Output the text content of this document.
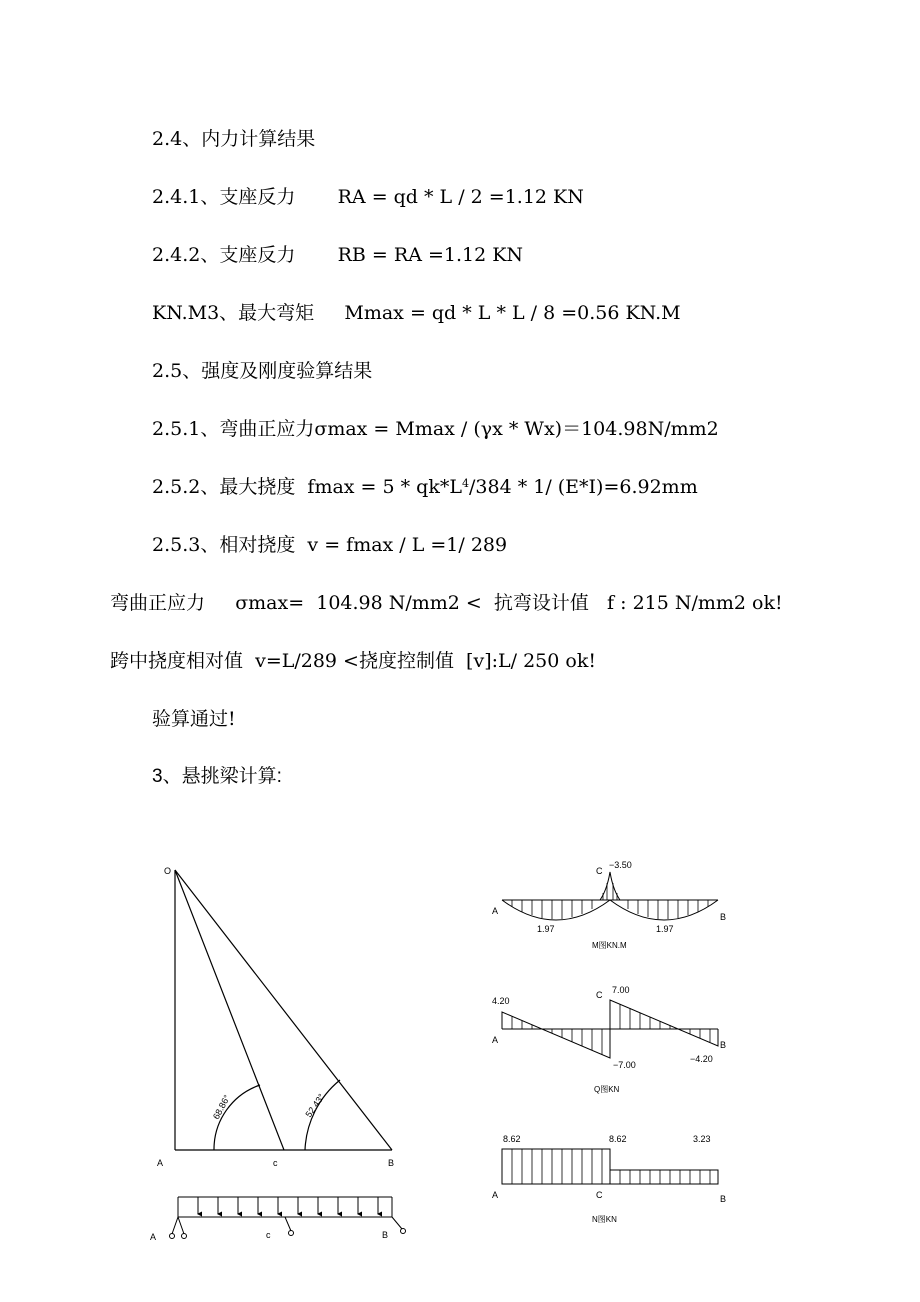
2.4、内力计算结果
2.4.1、支座反力       RA = qd * L / 2 =1.12 KN
2.4.2、支座反力       RB = RA =1.12 KN
KN.M3、最大弯矩     Mmax = qd * L * L / 8 =0.56 KN.M
2.5、强度及刚度验算结果
2.5.1、弯曲正应力σmax = Mmax / (γx * Wx)＝104.98N/mm2
2.5.2、最大挠度  $fmax = 5 * qk*L^4/384 * 1/$ (E*I)=6.92mm
2.5.3、相对挠度  v = fmax / L =1/ 289
弯曲正应力     σmax=  104.98 N/mm2 <  抗弯设计值   f : 215 N/mm2 ok!
跨中挠度相对值  v=L/289 <挠度控制值  [v]:L/ 250 ok!
验算通过!
3、悬挑梁计算:
O
A	c	B
68.86°	52.43°
A	c	B
A
C
B
−3.50
1.97	1.97
M图KN.M
4.20
A
C 7.00
−7.00
B
−4.20
Q图KN
8.62	8.62	3.23
A	C	B
N图KN
